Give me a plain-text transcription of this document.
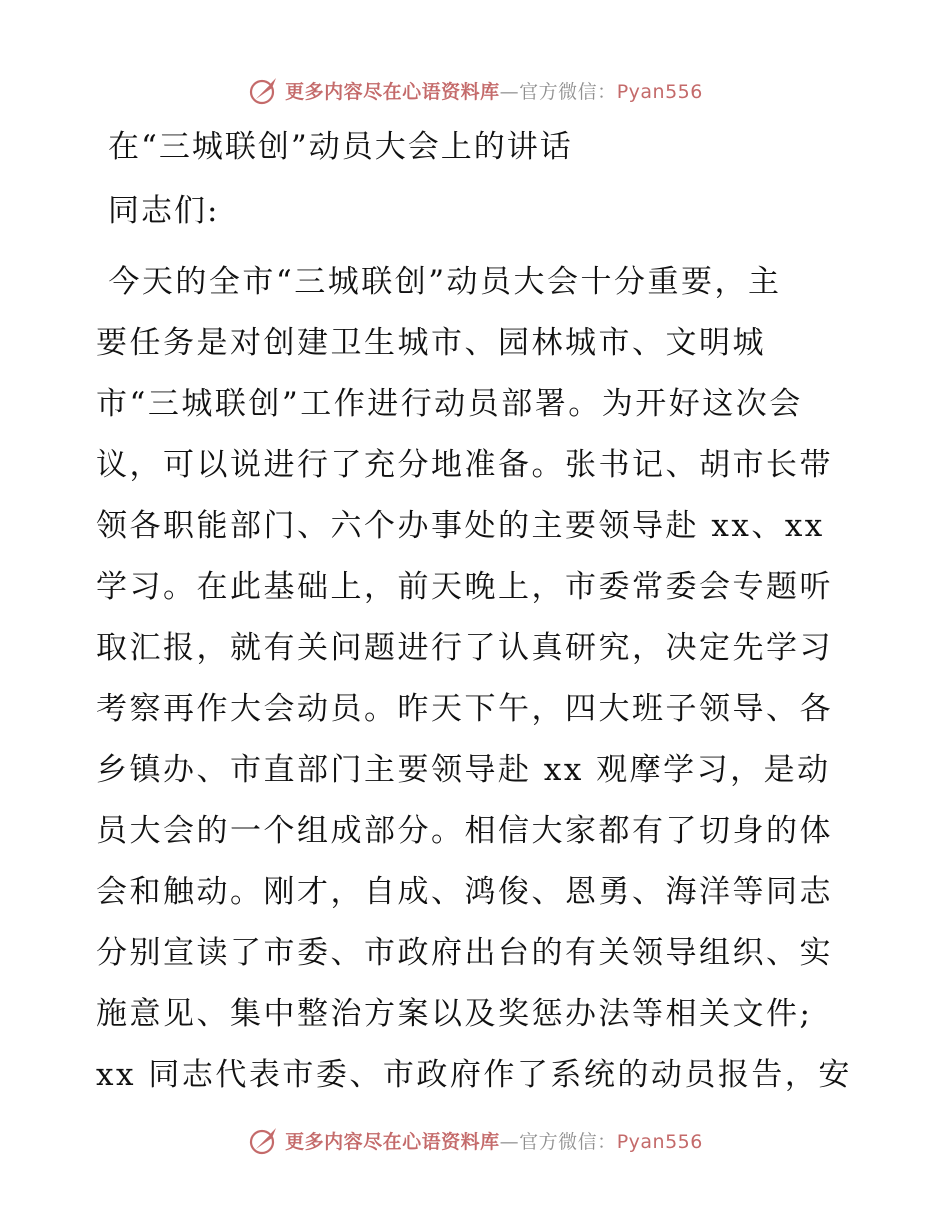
更多内容尽在心语资料库—官方微信：Pyan556
在“三城联创”动员大会上的讲话

同志们:

今天的全市“三城联创”动员大会十分重要，主
要任务是对创建卫生城市、园林城市、文明城
市“三城联创”工作进行动员部署。为开好这次会
议，可以说进行了充分地准备。张书记、胡市长带
领各职能部门、六个办事处的主要领导赴 xx、xx
学习。在此基础上，前天晚上，市委常委会专题听
取汇报，就有关问题进行了认真研究，决定先学习
考察再作大会动员。昨天下午，四大班子领导、各
乡镇办、市直部门主要领导赴 xx 观摩学习，是动
员大会的一个组成部分。相信大家都有了切身的体
会和触动。刚才，自成、鸿俊、恩勇、海洋等同志
分别宣读了市委、市政府出台的有关领导组织、实
施意见、集中整治方案以及奖惩办法等相关文件;
xx 同志代表市委、市政府作了系统的动员报告，安
更多内容尽在心语资料库—官方微信：Pyan556
